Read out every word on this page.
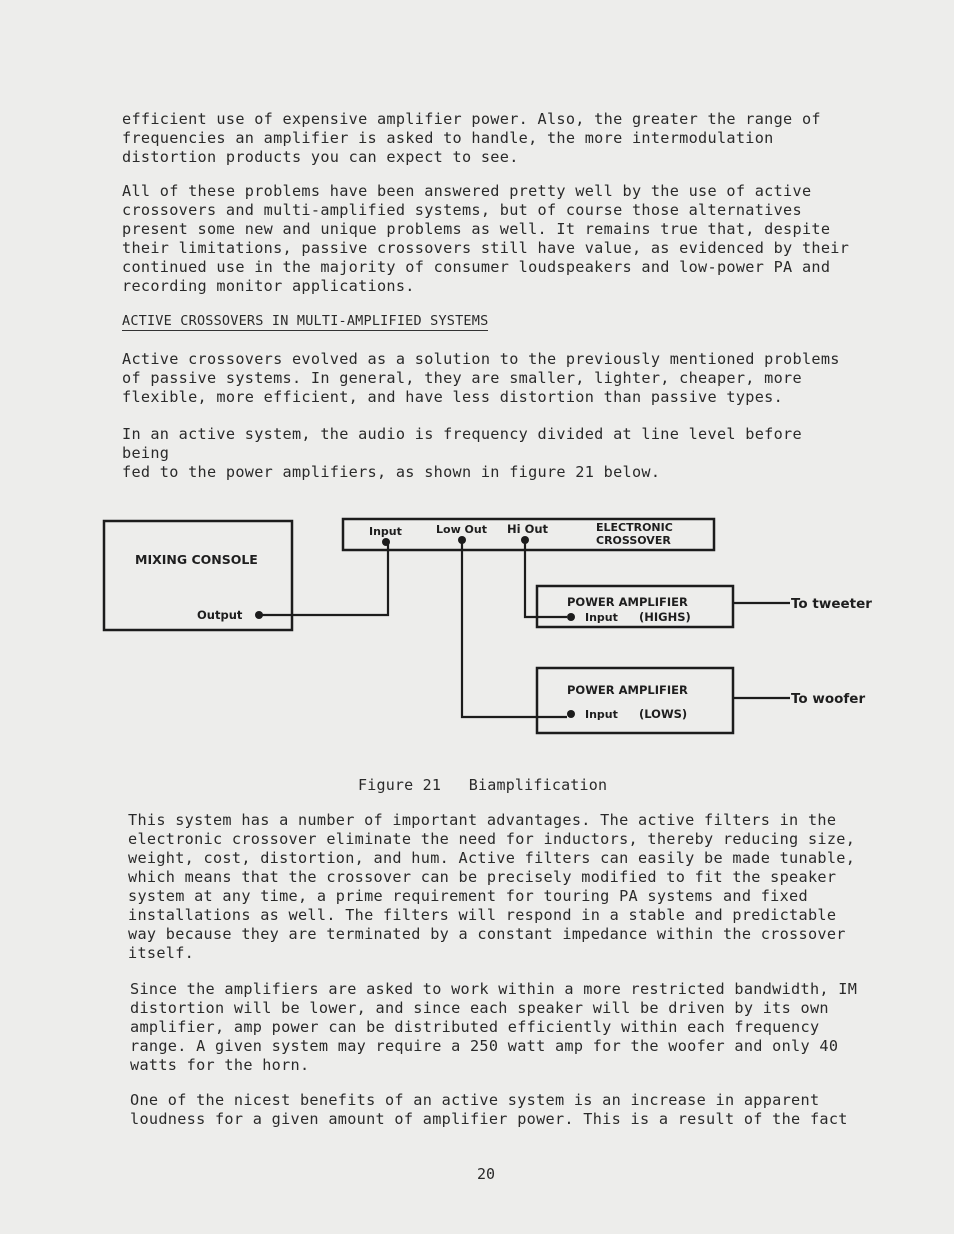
efficient use of expensive amplifier power. Also, the greater the range of
frequencies an amplifier is asked to handle, the more intermodulation
distortion products you can expect to see.

All of these problems have been answered pretty well by the use of active
crossovers and multi-amplified systems, but of course those alternatives
present some new and unique problems as well. It remains true that, despite
their limitations, passive crossovers still have value, as evidenced by their
continued use in the majority of consumer loudspeakers and low-power PA and
recording monitor applications.

ACTIVE CROSSOVERS IN MULTI-AMPLIFIED SYSTEMS

Active crossovers evolved as a solution to the previously mentioned problems
of passive systems. In general, they are smaller, lighter, cheaper, more
flexible, more efficient, and have less distortion than passive types.

In an active system, the audio is frequency divided at line level before being
fed to the power amplifiers, as shown in figure 21 below.

MIXING CONSOLE
Output
Input	Low Out Hi Out	ELECTRONIC
CROSSOVER
POWER AMPLIFIER
Input (HIGHS)
POWER AMPLIFIER
Input (LOWS)
To tweeter
To woofer
Figure 21   Biamplification

This system has a number of important advantages. The active filters in the
electronic crossover eliminate the need for inductors, thereby reducing size,
weight, cost, distortion, and hum. Active filters can easily be made tunable,
which means that the crossover can be precisely modified to fit the speaker
system at any time, a prime requirement for touring PA systems and fixed
installations as well. The filters will respond in a stable and predictable
way because they are terminated by a constant impedance within the crossover
itself.

Since the amplifiers are asked to work within a more restricted bandwidth, IM
distortion will be lower, and since each speaker will be driven by its own
amplifier, amp power can be distributed efficiently within each frequency
range. A given system may require a 250 watt amp for the woofer and only 40
watts for the horn.

One of the nicest benefits of an active system is an increase in apparent
loudness for a given amount of amplifier power. This is a result of the fact

20
